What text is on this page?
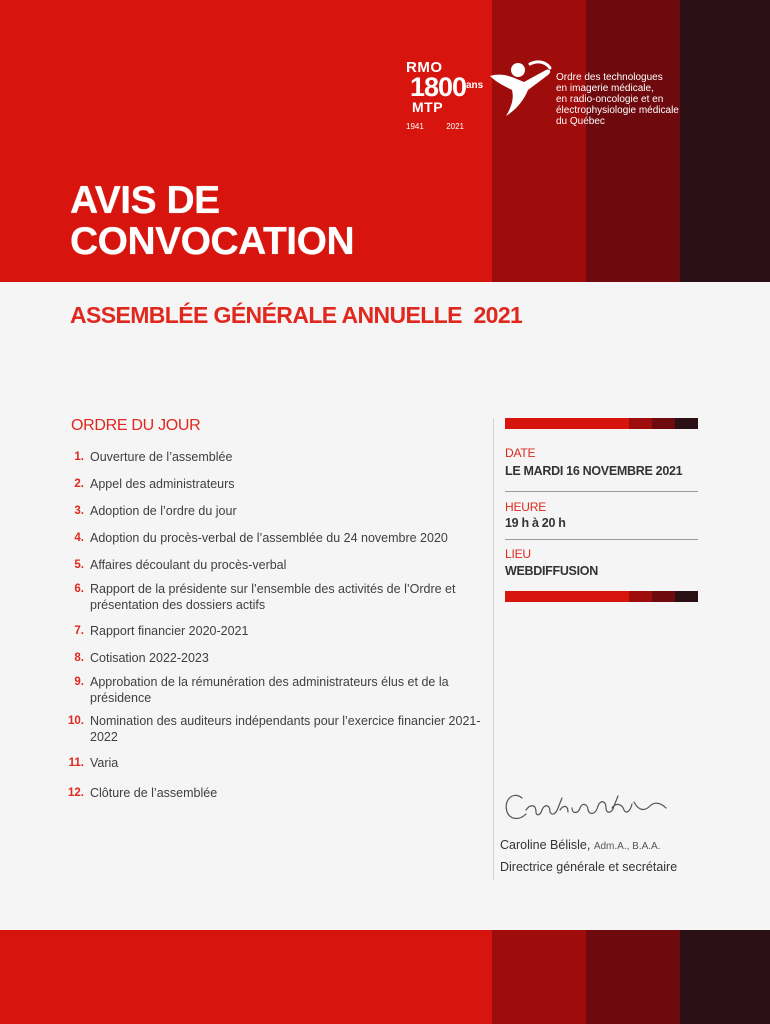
RMO
1800
MTP
1941	2021
ans
Ordre des technologues
en imagerie médicale,
en radio-oncologie et en
électrophysiologie médicale
du Québec
AVIS DE
CONVOCATION
ASSEMBLÉE GÉNÉRALE ANNUELLE  2021
ORDRE DU JOUR
1. Ouverture de l’assemblée
2. Appel des administrateurs
3. Adoption de l’ordre du jour
4. Adoption du procès-verbal de l’assemblée du 24 novembre 2020
5. Affaires découlant du procès-verbal
6. Rapport de la présidente sur l’ensemble des activités de l’Ordre et présentation des dossiers actifs
7. Rapport financier 2020-2021
8. Cotisation 2022-2023
9. Approbation de la rémunération des administrateurs élus et de la présidence
10. Nomination des auditeurs indépendants pour l’exercice financier 2021-2022
11. Varia
12. Clôture de l’assemblée
DATE
LE MARDI 16 NOVEMBRE 2021
HEURE
19 h à 20 h
LIEU
WEBDIFFUSION
Caroline Bélisle, Adm.A., B.A.A.
Directrice générale et secrétaire
